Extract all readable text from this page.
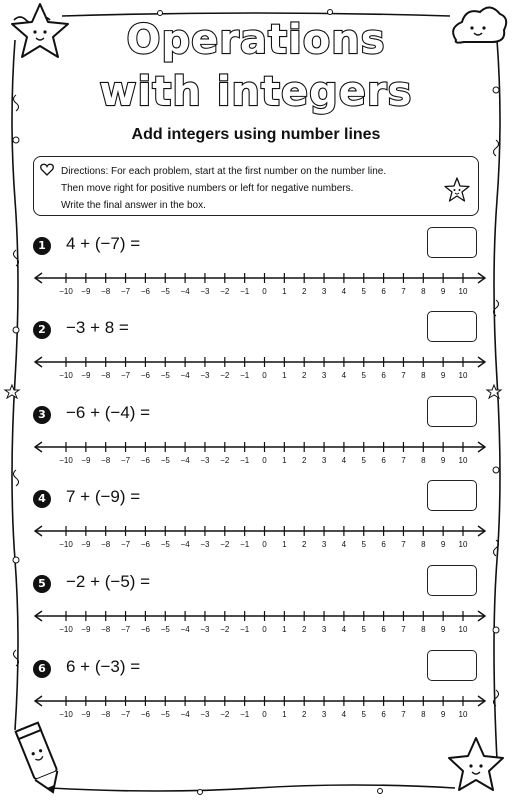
Operations
with integers
Add integers using number lines
Directions: For each problem, start at the first number on the number line.
Then move right for positive numbers or left for negative numbers.
Write the final answer in the box.
1	4 + (−7) =
−10 −9 −8 −7 −6 −5 −4 −3 −2 −1 0 1 2 3 4 5 6 7 8 9 10
2	−3 + 8 =
−10 −9 −8 −7 −6 −5 −4 −3 −2 −1 0 1 2 3 4 5 6 7 8 9 10
3	−6 + (−4) =
−10 −9 −8 −7 −6 −5 −4 −3 −2 −1 0 1 2 3 4 5 6 7 8 9 10
4	7 + (−9) =
−10 −9 −8 −7 −6 −5 −4 −3 −2 −1 0 1 2 3 4 5 6 7 8 9 10
5	−2 + (−5) =
−10 −9 −8 −7 −6 −5 −4 −3 −2 −1 0 1 2 3 4 5 6 7 8 9 10
6	6 + (−3) =
−10 −9 −8 −7 −6 −5 −4 −3 −2 −1 0 1 2 3 4 5 6 7 8 9 10
